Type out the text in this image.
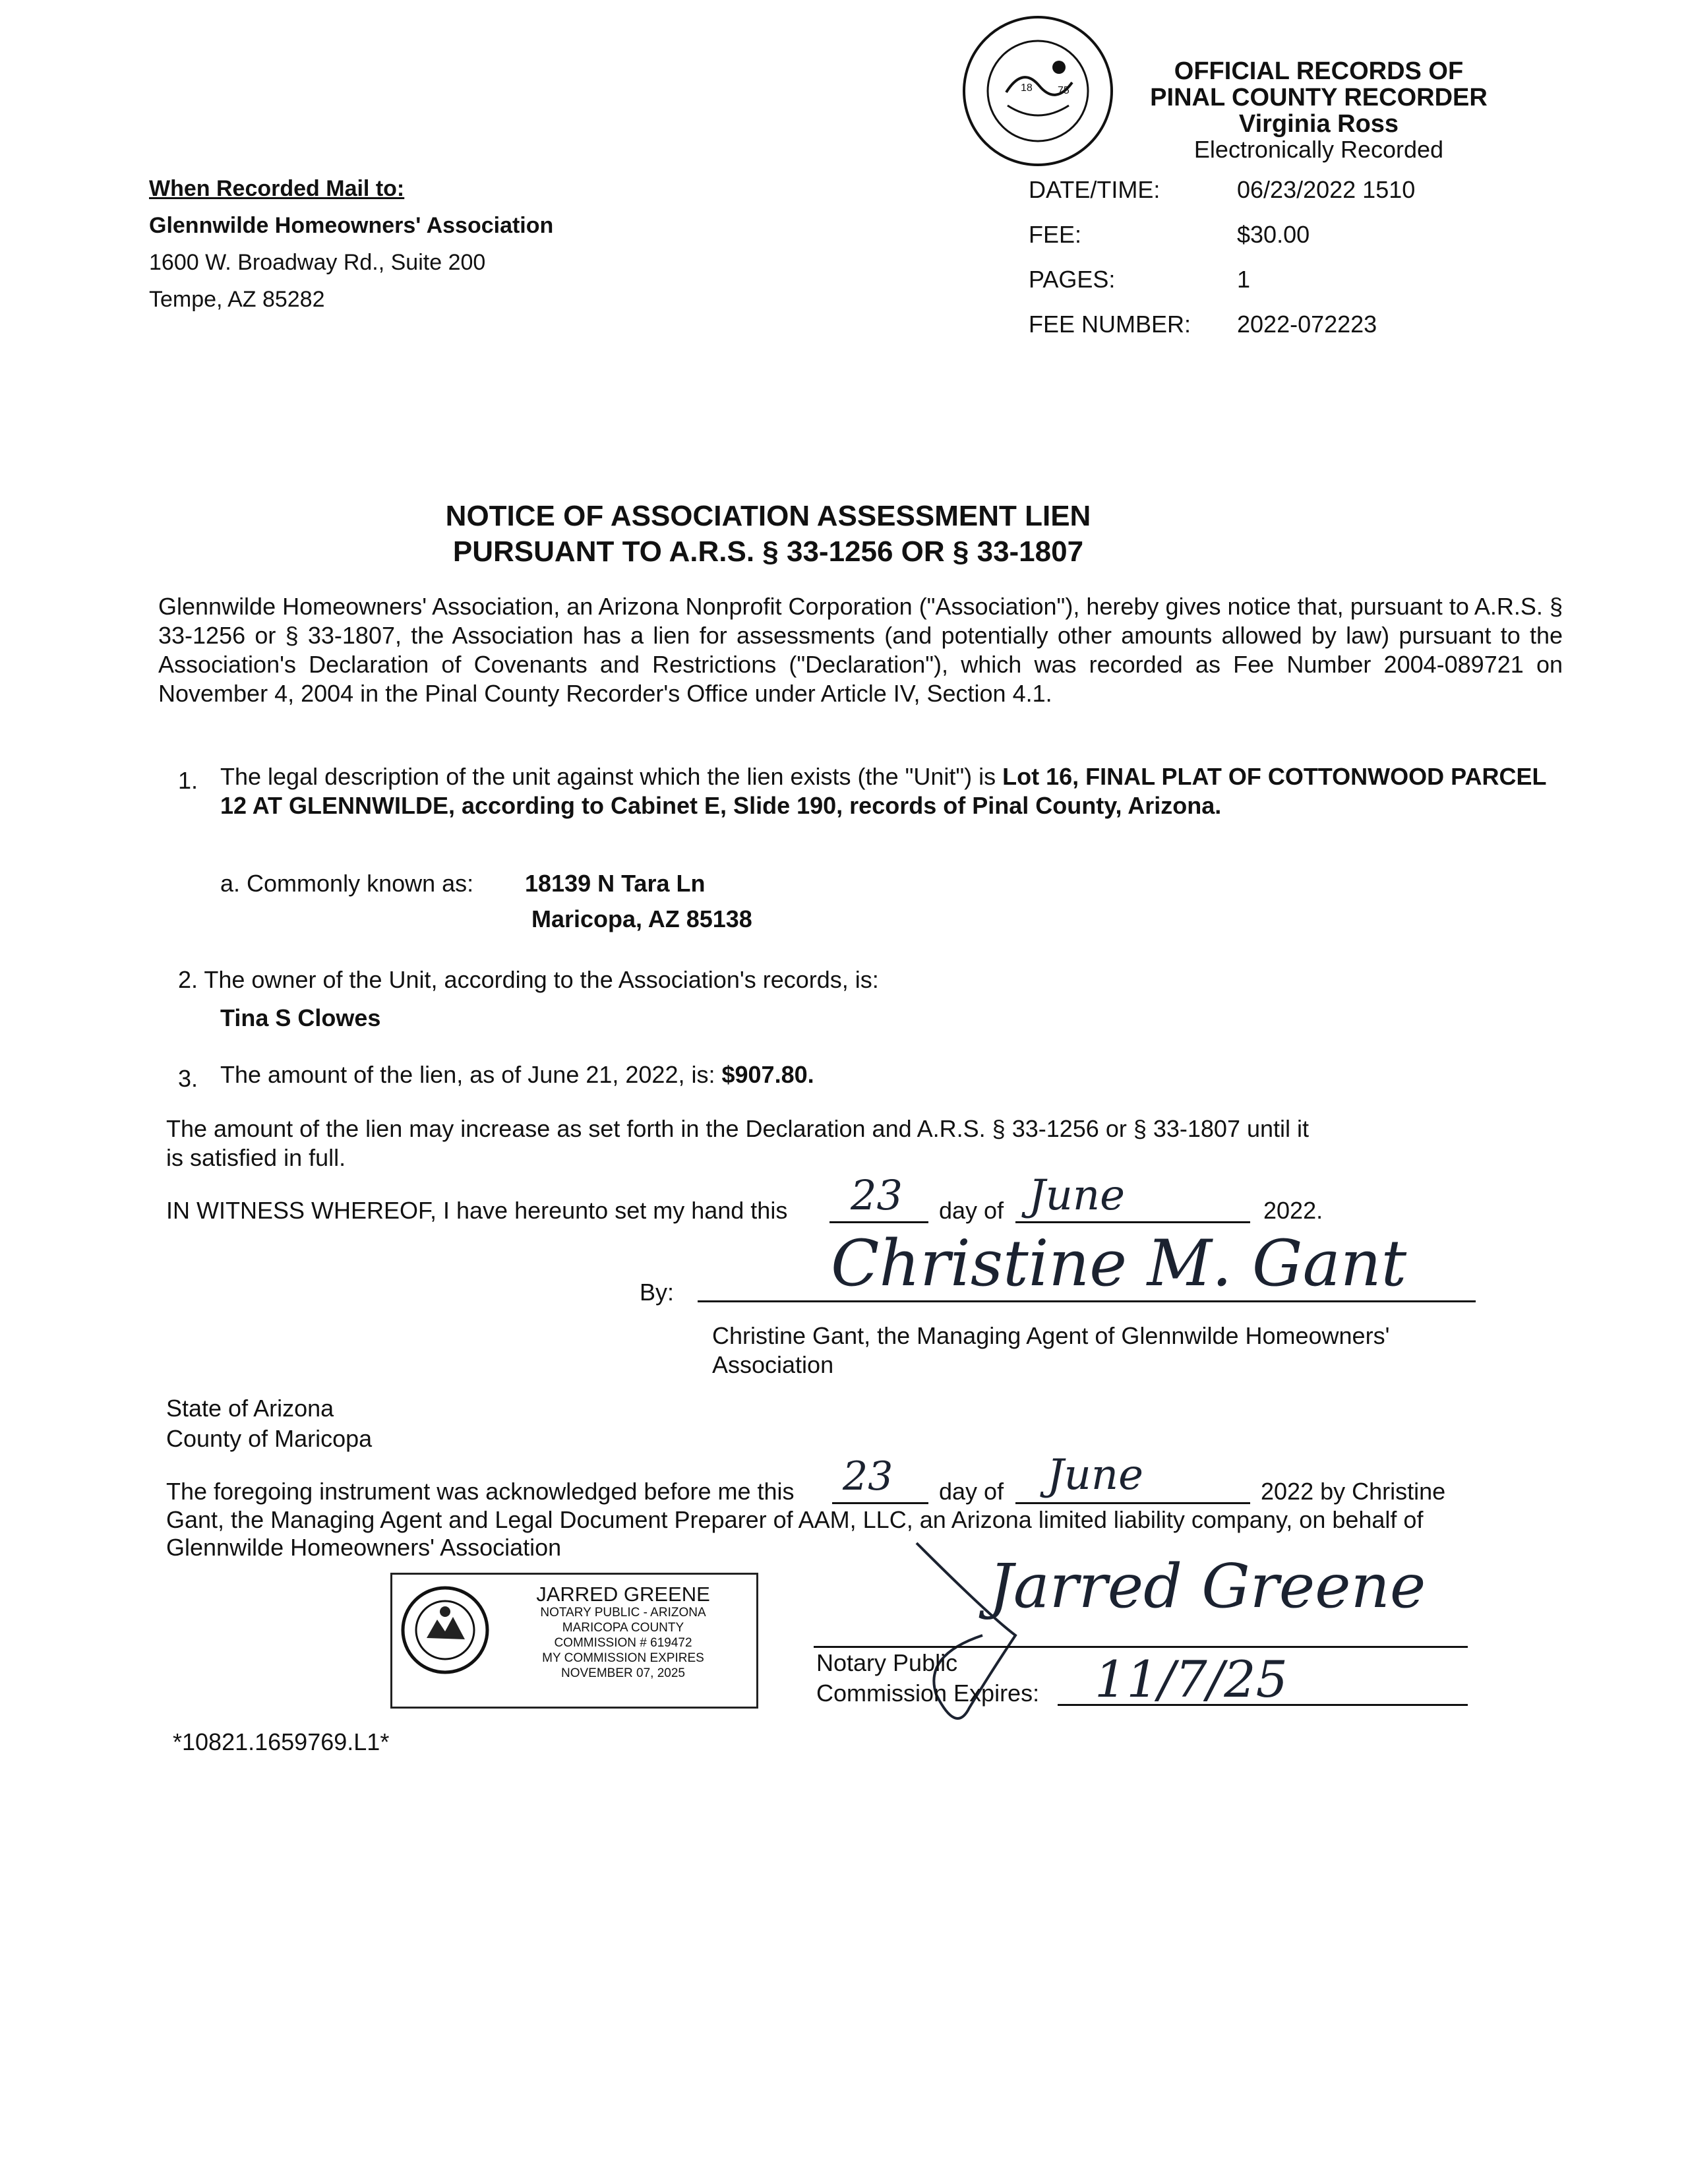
18 75
OFFICIAL RECORDS OF
PINAL COUNTY RECORDER
Virginia Ross
Electronically Recorded
DATE/TIME:	06/23/2022 1510
FEE:	$30.00
PAGES:	1
FEE NUMBER: 2022-072223
When Recorded Mail to:
Glennwilde Homeowners' Association
1600 W. Broadway Rd., Suite 200
Tempe, AZ 85282
NOTICE OF ASSOCIATION ASSESSMENT LIEN
PURSUANT TO A.R.S. § 33-1256 OR § 33-1807
Glennwilde Homeowners' Association, an Arizona Nonprofit Corporation ("Association"), hereby gives notice that, pursuant to A.R.S. § 33-1256 or § 33-1807, the Association has a lien for assessments (and potentially other amounts allowed by law) pursuant to the Association's Declaration of Covenants and Restrictions ("Declaration"), which was recorded as Fee Number 2004-089721 on November 4, 2004 in the Pinal County Recorder's Office under Article IV, Section 4.1.
1. The legal description of the unit against which the lien exists (the "Unit") is Lot 16, FINAL PLAT OF COTTONWOOD PARCEL 12 AT GLENNWILDE, according to Cabinet E, Slide 190, records of Pinal County, Arizona.
a. Commonly known as: 18139 N Tara Ln
Maricopa, AZ 85138
2. The owner of the Unit, according to the Association's records, is:
Tina S Clowes
3. The amount of the lien, as of June 21, 2022, is: $907.80.
The amount of the lien may increase as set forth in the Declaration and A.R.S. § 33-1256 or § 33-1807 until it is satisfied in full.
IN WITNESS WHEREOF, I have hereunto set my hand this 23 day of June	2022.
By: Christine M. Gant
Christine Gant, the Managing Agent of Glennwilde Homeowners' Association
State of Arizona
County of Maricopa
The foregoing instrument was acknowledged before me this 23 day of June	2022 by Christine
Gant, the Managing Agent and Legal Document Preparer of AAM, LLC, an Arizona limited liability company, on behalf of Glennwilde Homeowners' Association
JARRED GREENE
NOTARY PUBLIC - ARIZONA
MARICOPA COUNTY
COMMISSION # 619472
MY COMMISSION EXPIRES
NOVEMBER 07, 2025
Jarred Greene
Notary Public
Commission Expires: 11/7/25
*10821.1659769.L1*
